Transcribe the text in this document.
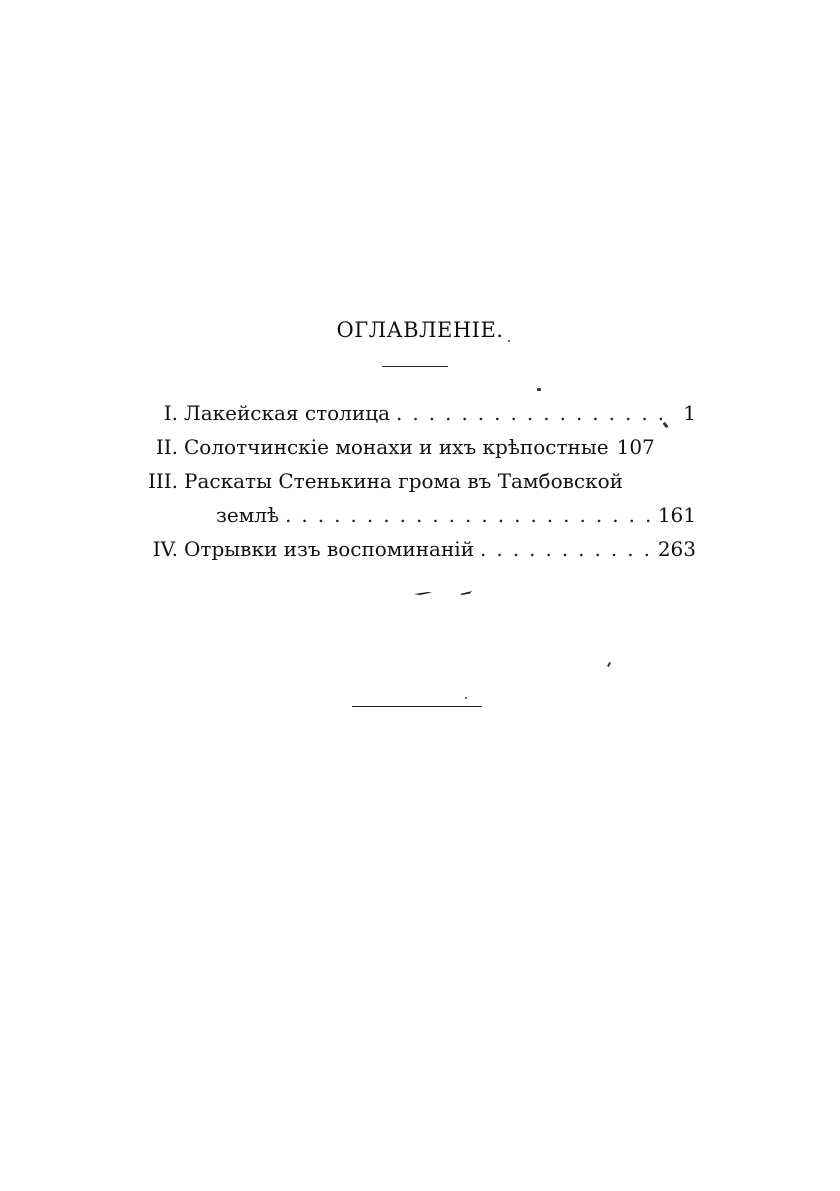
ОГЛАВЛЕНIЕ.
I. Лакейская столица .....	1
II. Солотчинскiе монахи и ихъ крѣпостные 107
III. Раскаты Стенькина грома въ Тамбовской
землѣ .....	161
IV. Отрывки изъ воспоминанiй .....	263
